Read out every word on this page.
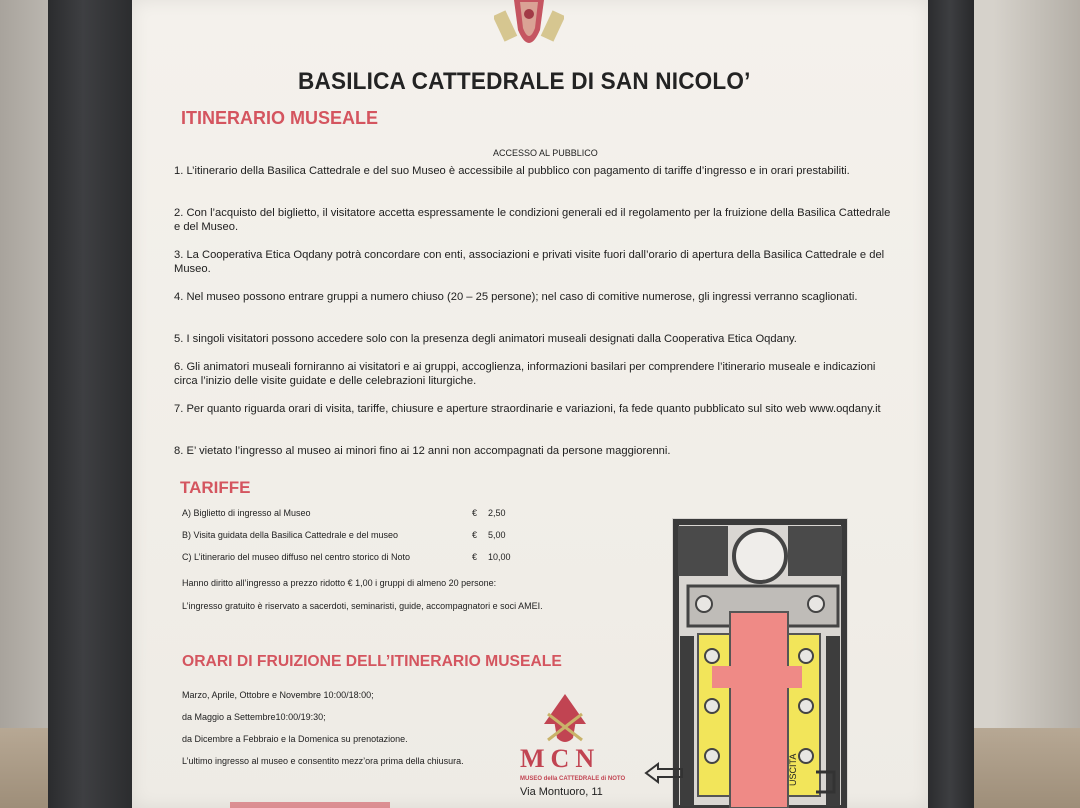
BASILICA CATTEDRALE DI SAN NICOLO’
ITINERARIO MUSEALE
ACCESSO AL PUBBLICO

1. L’itinerario della Basilica Cattedrale e del suo Museo è accessibile al pubblico con pagamento di tariffe d’ingresso e in orari prestabiliti.

2. Con l’acquisto del biglietto, il visitatore accetta espressamente le condizioni generali ed il regolamento per la fruizione della Basilica Cattedrale e del Museo.

3. La Cooperativa Etica Oqdany potrà concordare con enti, associazioni e privati visite fuori dall’orario di apertura della Basilica Cattedrale e del Museo.

4. Nel museo possono entrare gruppi a numero chiuso (20 – 25 persone); nel caso di comitive numerose, gli ingressi verranno scaglionati.

5. I singoli visitatori possono accedere solo con la presenza degli animatori museali designati dalla Cooperativa Etica Oqdany.

6. Gli animatori museali forniranno ai visitatori e ai gruppi, accoglienza, informazioni basilari per comprendere l’itinerario museale e indicazioni circa l’inizio delle visite guidate e delle celebrazioni liturgiche.

7. Per quanto riguarda orari di visita, tariffe, chiusure e aperture straordinarie e variazioni, fa fede quanto pubblicato sul sito web www.oqdany.it

8. E’ vietato l’ingresso al museo ai minori fino ai 12 anni non accompagnati da persone maggiorenni.

TARIFFE
A) Biglietto di ingresso al Museo	€ 2,50
B) Visita guidata della Basilica Cattedrale e del museo	€ 5,00
C) L’itinerario del museo diffuso nel centro storico di Noto	€ 10,00
Hanno diritto all’ingresso a prezzo ridotto € 1,00 i gruppi di almeno 20 persone:
L’ingresso gratuito è riservato a sacerdoti, seminaristi, guide, accompagnatori e soci AMEI.
ORARI DI FRUIZIONE DELL’ITINERARIO MUSEALE
Marzo, Aprile, Ottobre e Novembre 10:00/18:00;
da Maggio a Settembre10:00/19:30;
da Dicembre a Febbraio e la Domenica su prenotazione.
L’ultimo ingresso al museo e consentito mezz’ora prima della chiusura.	USCITA
MCN
MUSEO della CATTEDRALE di NOTO
Via Montuoro, 11
